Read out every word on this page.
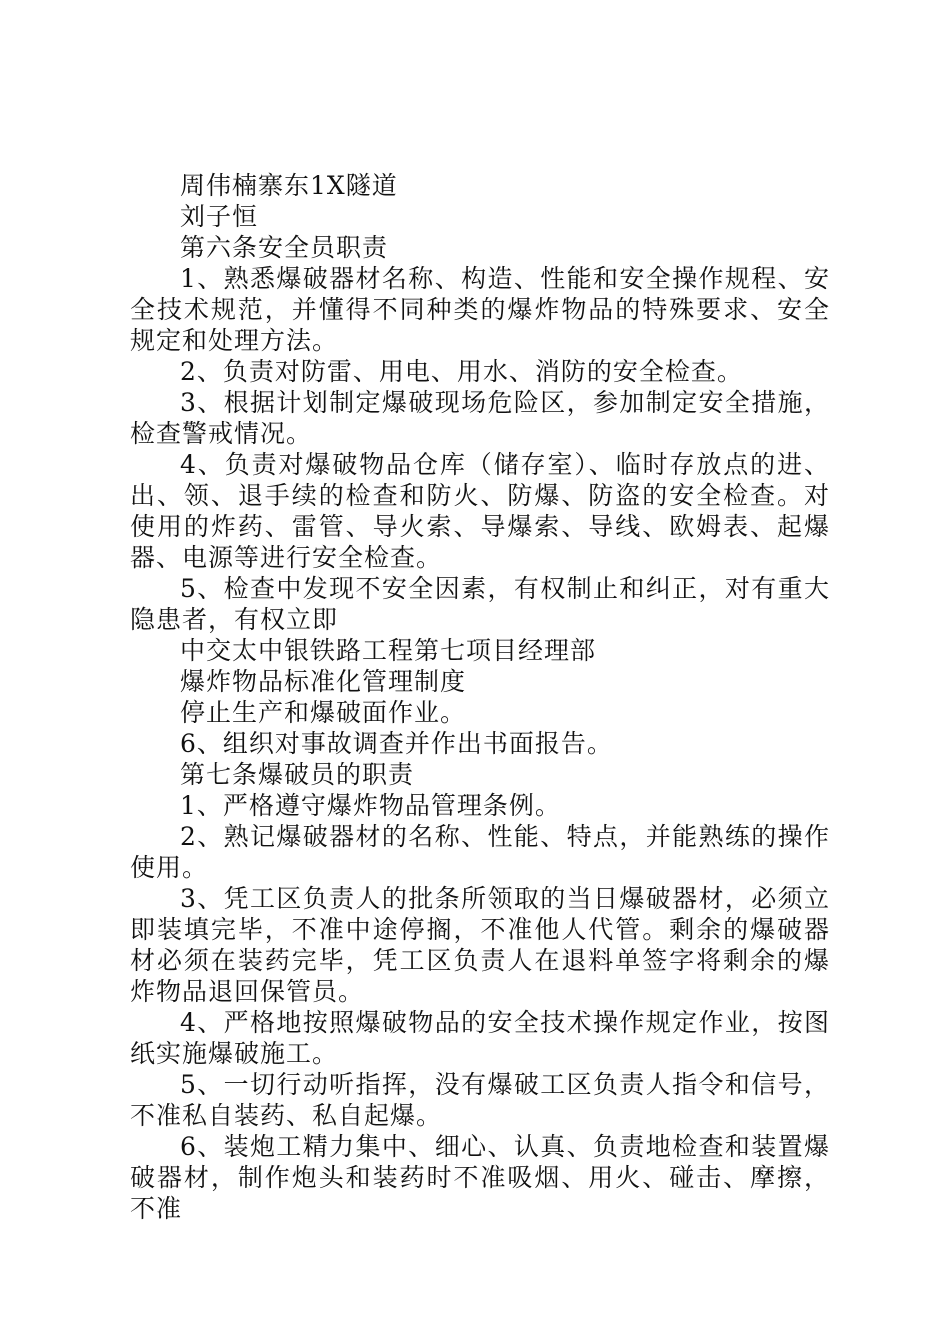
周伟楠寨东1X隧道

刘子恒

第六条安全员职责

1、熟悉爆破器材名称、构造、性能和安全操作规程、安全技术规范，并懂得不同种类的爆炸物品的特殊要求、安全规定和处理方法。

2、负责对防雷、用电、用水、消防的安全检查。

3、根据计划制定爆破现场危险区，参加制定安全措施，检查警戒情况。

4、负责对爆破物品仓库（储存室）、临时存放点的进、出、领、退手续的检查和防火、防爆、防盗的安全检查。对使用的炸药、雷管、导火索、导爆索、导线、欧姆表、起爆器、电源等进行安全检查。

5、检查中发现不安全因素，有权制止和纠正，对有重大隐患者，有权立即

中交太中银铁路工程第七项目经理部

爆炸物品标准化管理制度

停止生产和爆破面作业。

6、组织对事故调查并作出书面报告。

第七条爆破员的职责

1、严格遵守爆炸物品管理条例。

2、熟记爆破器材的名称、性能、特点，并能熟练的操作使用。

3、凭工区负责人的批条所领取的当日爆破器材，必须立即装填完毕，不准中途停搁，不准他人代管。剩余的爆破器材必须在装药完毕，凭工区负责人在退料单签字将剩余的爆炸物品退回保管员。

4、严格地按照爆破物品的安全技术操作规定作业，按图纸实施爆破施工。

5、一切行动听指挥，没有爆破工区负责人指令和信号，不准私自装药、私自起爆。

6、装炮工精力集中、细心、认真、负责地检查和装置爆破器材，制作炮头和装药时不准吸烟、用火、碰击、摩擦，不准
